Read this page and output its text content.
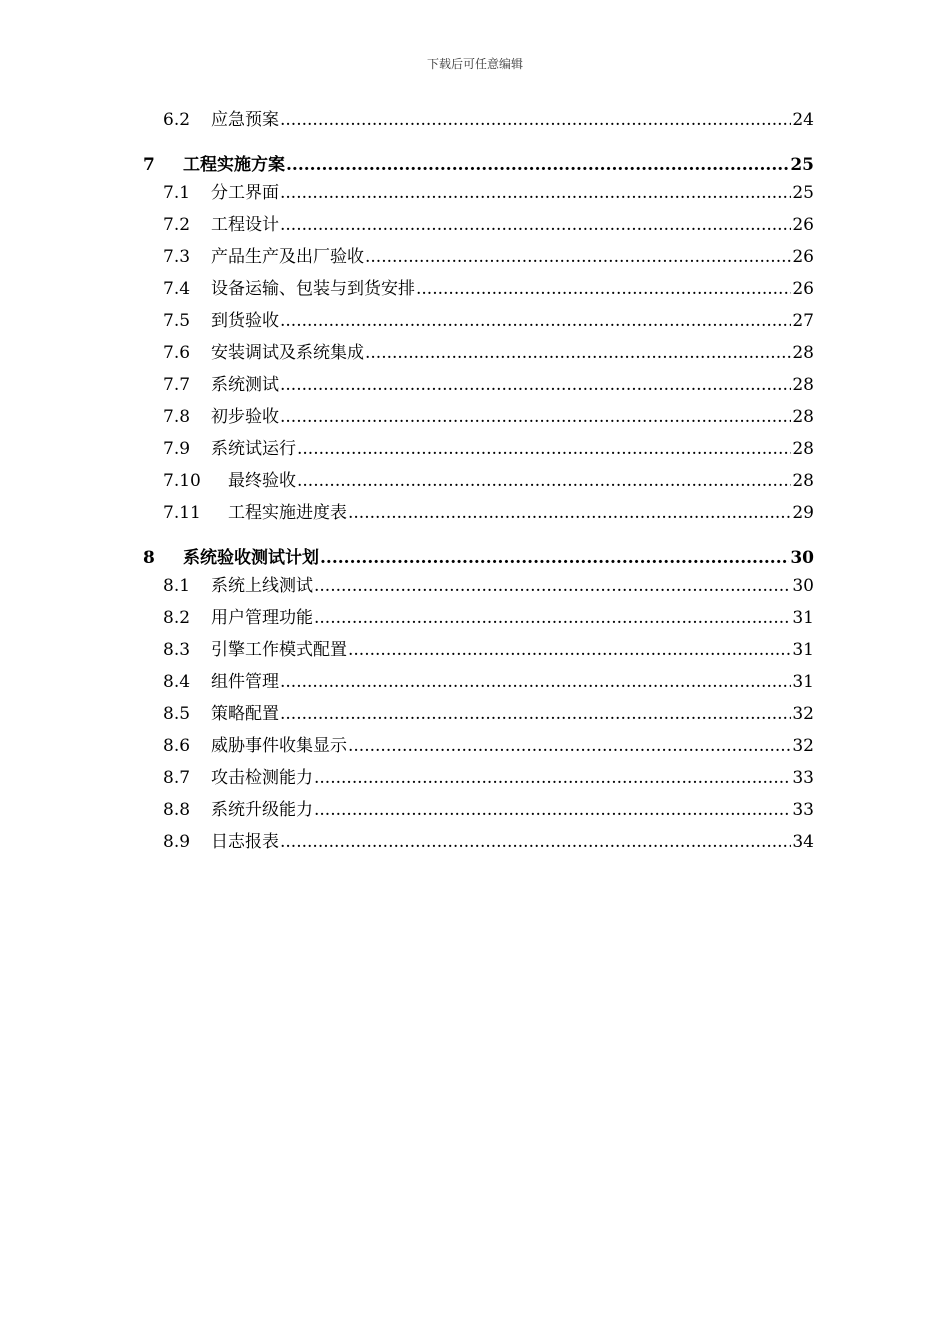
下载后可任意编辑
6.2	应急预案 .....	24
7	工程实施方案 .....	25
7.1	分工界面 .....	25
7.2	工程设计 .....	26
7.3	产品生产及出厂验收 .....	26
7.4	设备运输、包装与到货安排 .....	26
7.5	到货验收 .....	27
7.6	安装调试及系统集成 .....	28
7.7	系统测试 .....	28
7.8	初步验收 .....	28
7.9	系统试运行 .....	28
7.10	最终验收 .....	28
7.11	工程实施进度表 .....	29
8	系统验收测试计划 .....	30
8.1	系统上线测试 .....	30
8.2	用户管理功能 .....	31
8.3	引擎工作模式配置 .....	31
8.4	组件管理 .....	31
8.5	策略配置 .....	32
8.6	威胁事件收集显示 .....	32
8.7	攻击检测能力 .....	33
8.8	系统升级能力 .....	33
8.9	日志报表 .....	34
